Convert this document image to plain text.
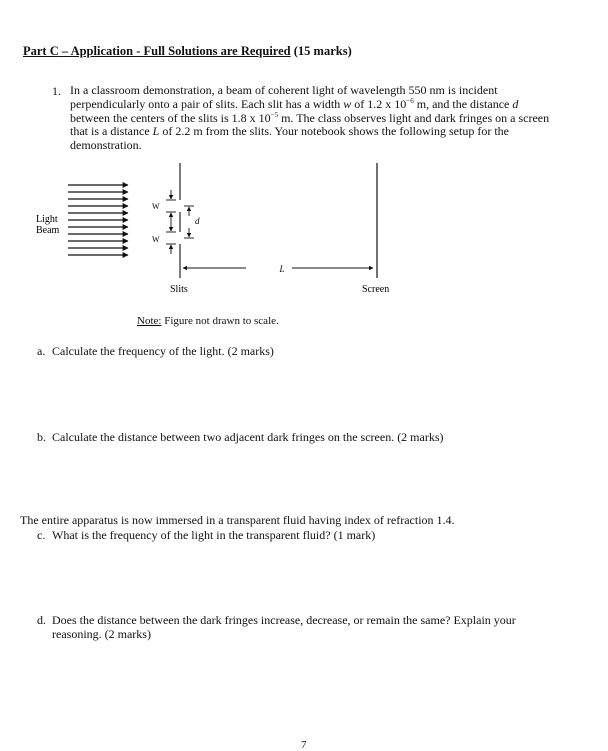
Part C – Application - Full Solutions are Required (15 marks)
1. In a classroom demonstration, a beam of coherent light of wavelength 550 nm is incident
perpendicularly onto a pair of slits. Each slit has a width w of 1.2 x $10^{-6}$ m, and the distance d
between the centers of the slits is 1.8 x $10^{-5}$ m. The class observes light and dark fringes on a screen
that is a distance L of 2.2 m from the slits. Your notebook shows the following setup for the
demonstration.
Light
Beam
W
W
d
L
Slits	Screen
Note: Figure not drawn to scale.
a. Calculate the frequency of the light. (2 marks)
b. Calculate the distance between two adjacent dark fringes on the screen. (2 marks)
The entire apparatus is now immersed in a transparent fluid having index of refraction 1.4.
c. What is the frequency of the light in the transparent fluid? (1 mark)
d. Does the distance between the dark fringes increase, decrease, or remain the same? Explain your
reasoning. (2 marks)
7
